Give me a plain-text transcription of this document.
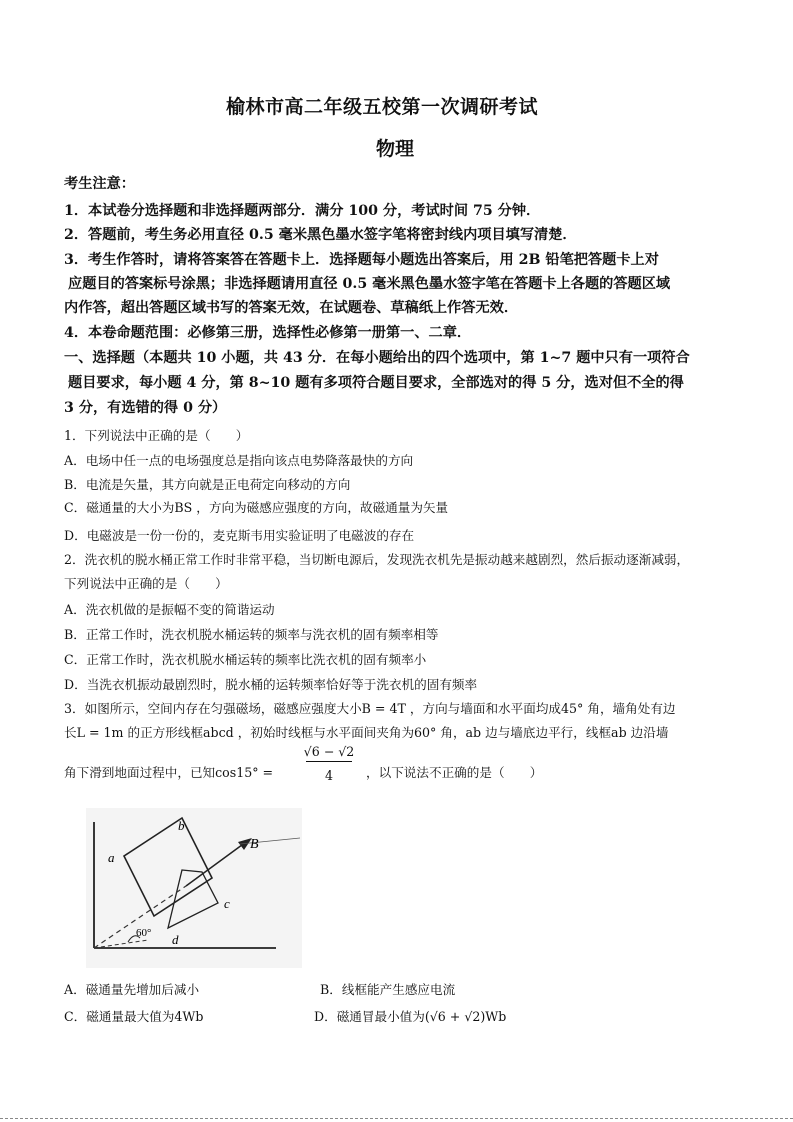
榆林市高二年级五校第一次调研考试
物理
考生注意：
1．本试卷分选择题和非选择题两部分．满分 100 分，考试时间 75 分钟．
2．答题前，考生务必用直径 0.5 毫米黑色墨水签字笔将密封线内项目填写清楚．
3．考生作答时，请将答案答在答题卡上．选择题每小题选出答案后，用 2B 铅笔把答题卡上对
应题目的答案标号涂黑；非选择题请用直径 0.5 毫米黑色墨水签字笔在答题卡上各题的答题区域
内作答，超出答题区域书写的答案无效，在试题卷、草稿纸上作答无效．
4．本卷命题范围：必修第三册，选择性必修第一册第一、二章．
一、选择题（本题共 10 小题，共 43 分．在每小题给出的四个选项中，第 1~7 题中只有一项符合
题目要求，每小题 4 分，第 8~10 题有多项符合题目要求，全部选对的得 5 分，选对但不全的得
3 分，有选错的得 0 分）
1．下列说法中正确的是（　　）
A．电场中任一点的电场强度总是指向该点电势降落最快的方向
B．电流是矢量，其方向就是正电荷定向移动的方向
C．磁通量的大小为BS ，方向为磁感应强度的方向，故磁通量为矢量
D．电磁波是一份一份的，麦克斯韦用实验证明了电磁波的存在
2．洗衣机的脱水桶正常工作时非常平稳，当切断电源后，发现洗衣机先是振动越来越剧烈，然后振动逐渐减弱，
下列说法中正确的是（　　）
A．洗衣机做的是振幅不变的简谐运动
B．正常工作时，洗衣机脱水桶运转的频率与洗衣机的固有频率相等
C．正常工作时，洗衣机脱水桶运转的频率比洗衣机的固有频率小
D．当洗衣机振动最剧烈时，脱水桶的运转频率恰好等于洗衣机的固有频率
3．如图所示，空间内存在匀强磁场，磁感应强度大小B = 4T ，方向与墙面和水平面均成45° 角，墙角处有边
长L = 1m 的正方形线框abcd ，初始时线框与水平面间夹角为60° 角，ab 边与墙底边平行，线框ab 边沿墙
角下滑到地面过程中，已知cos15° =
√6 − √2
4	，以下说法不正确的是（　　）
a
b
c
d
B
60°
A．磁通量先增加后减小	B．线框能产生感应电流
C．磁通量最大值为4Wb	D．磁通冒最小值为(√6 + √2)Wb
